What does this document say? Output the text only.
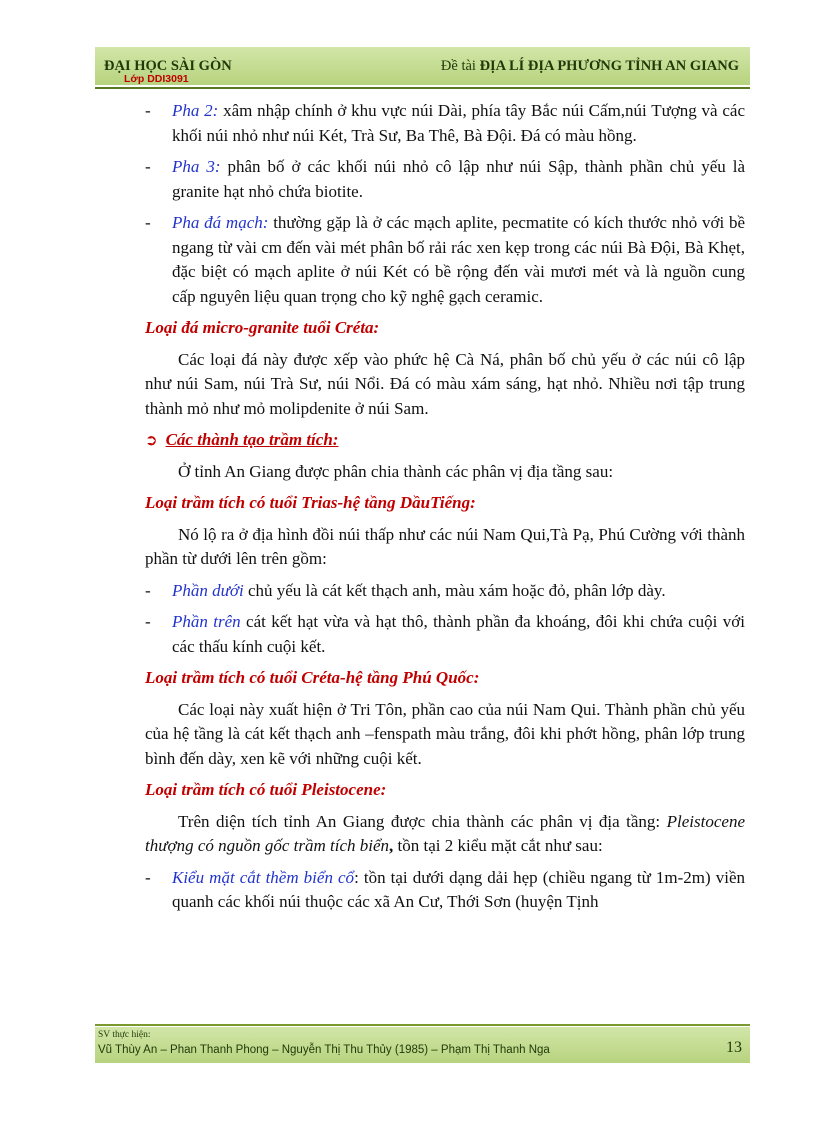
ĐẠI HỌC SÀI GÒN
Lớp DDI3091
Đề tài ĐỊA LÍ ĐỊA PHƯƠNG TỈNH AN GIANG

- Pha 2: xâm nhập chính ở khu vực núi Dài, phía tây Bắc núi Cấm,núi Tượng và các khối núi nhỏ như núi Két, Trà Sư, Ba Thê, Bà Đội. Đá có màu hồng.

- Pha 3: phân bố ở các khối núi nhỏ cô lập như núi Sập, thành phần chủ yếu là granite hạt nhỏ chứa biotite.

- Pha đá mạch: thường gặp là ở các mạch aplite, pecmatite có kích thước nhỏ với bề ngang từ vài cm đến vài mét phân bố rải rác xen kẹp trong các núi Bà Đội, Bà Khẹt, đặc biệt có mạch aplite ở núi Két có bề rộng đến vài mươi mét và là nguồn cung cấp nguyên liệu quan trọng cho kỹ nghệ gạch ceramic.

Loại đá micro-granite tuổi Créta:

Các loại đá này được xếp vào phức hệ Cà Ná, phân bố chủ yếu ở các núi cô lập như núi Sam, núi Trà Sư, núi Nổi. Đá có màu xám sáng, hạt nhỏ. Nhiều nơi tập trung thành mỏ như mỏ molipdenite ở núi Sam.

➲ Các thành tạo trầm tích:

Ở tỉnh An Giang được phân chia thành các phân vị địa tầng sau:

Loại trầm tích có tuổi Trias-hệ tầng DầuTiếng:

Nó lộ ra ở địa hình đồi núi thấp như các núi Nam Qui,Tà Pạ, Phú Cường với thành phần từ dưới lên trên gồm:

- Phần dưới chủ yếu là cát kết thạch anh, màu xám hoặc đỏ, phân lớp dày.

- Phần trên cát kết hạt vừa và hạt thô, thành phần đa khoáng, đôi khi chứa cuội với các thấu kính cuội kết.

Loại trầm tích có tuổi Créta-hệ tầng Phú Quốc:

Các loại này xuất hiện ở Tri Tôn, phần cao của núi Nam Qui. Thành phần chủ yếu của hệ tầng là cát kết thạch anh –fenspath màu trắng, đôi khi phớt hồng, phân lớp trung bình đến dày, xen kẽ với những cuội kết.

Loại trầm tích có tuổi Pleistocene:

Trên diện tích tỉnh An Giang được chia thành các phân vị địa tầng: Pleistocene thượng có nguồn gốc trầm tích biển, tồn tại 2 kiểu mặt cắt như sau:

- Kiểu mặt cắt thềm biển cổ: tồn tại dưới dạng dải hẹp (chiều ngang từ 1m-2m) viền quanh các khối núi thuộc các xã An Cư, Thới Sơn (huyện Tịnh

SV thực hiện:
Vũ Thùy An – Phan Thanh Phong – Nguyễn Thị Thu Thủy (1985) – Phạm Thị Thanh Nga	13
